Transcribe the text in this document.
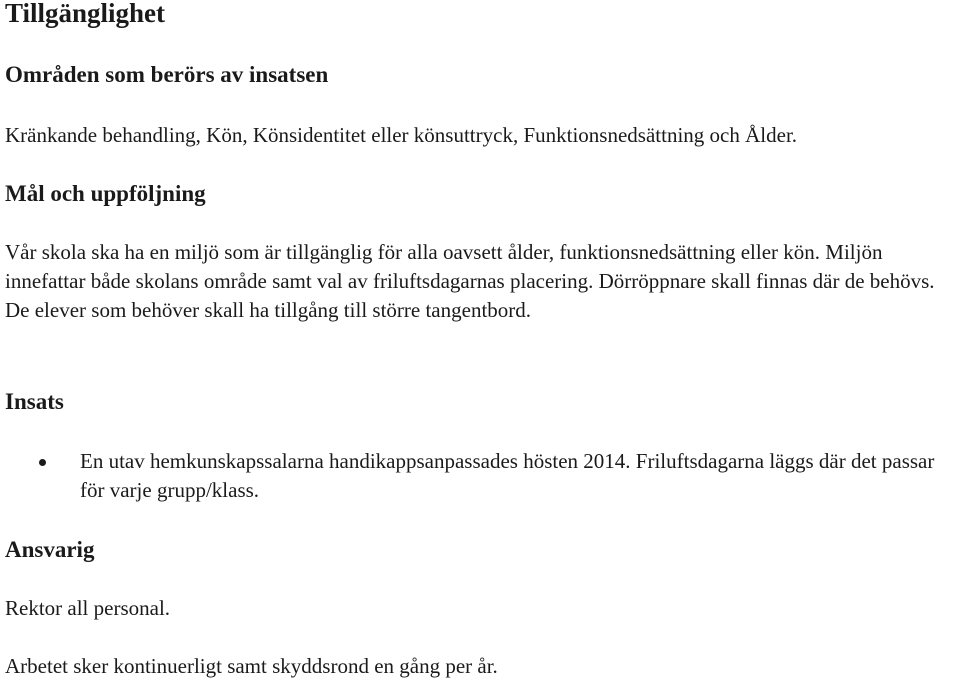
Tillgänglighet
Områden som berörs av insatsen

Kränkande behandling, Kön, Könsidentitet eller könsuttryck, Funktionsnedsättning och Ålder.

Mål och uppföljning

Vår skola ska ha en miljö som är tillgänglig för alla oavsett ålder, funktionsnedsättning eller kön. Miljön innefattar både skolans område samt val av friluftsdagarnas placering. Dörröppnare skall finnas där de behövs. De elever som behöver skall ha tillgång till större tangentbord.

Insats
En utav hemkunskapssalarna handikappsanpassades hösten 2014. Friluftsdagarna läggs där det passar för varje grupp/klass.
Ansvarig

Rektor all personal.

Arbetet sker kontinuerligt samt skyddsrond en gång per år.
